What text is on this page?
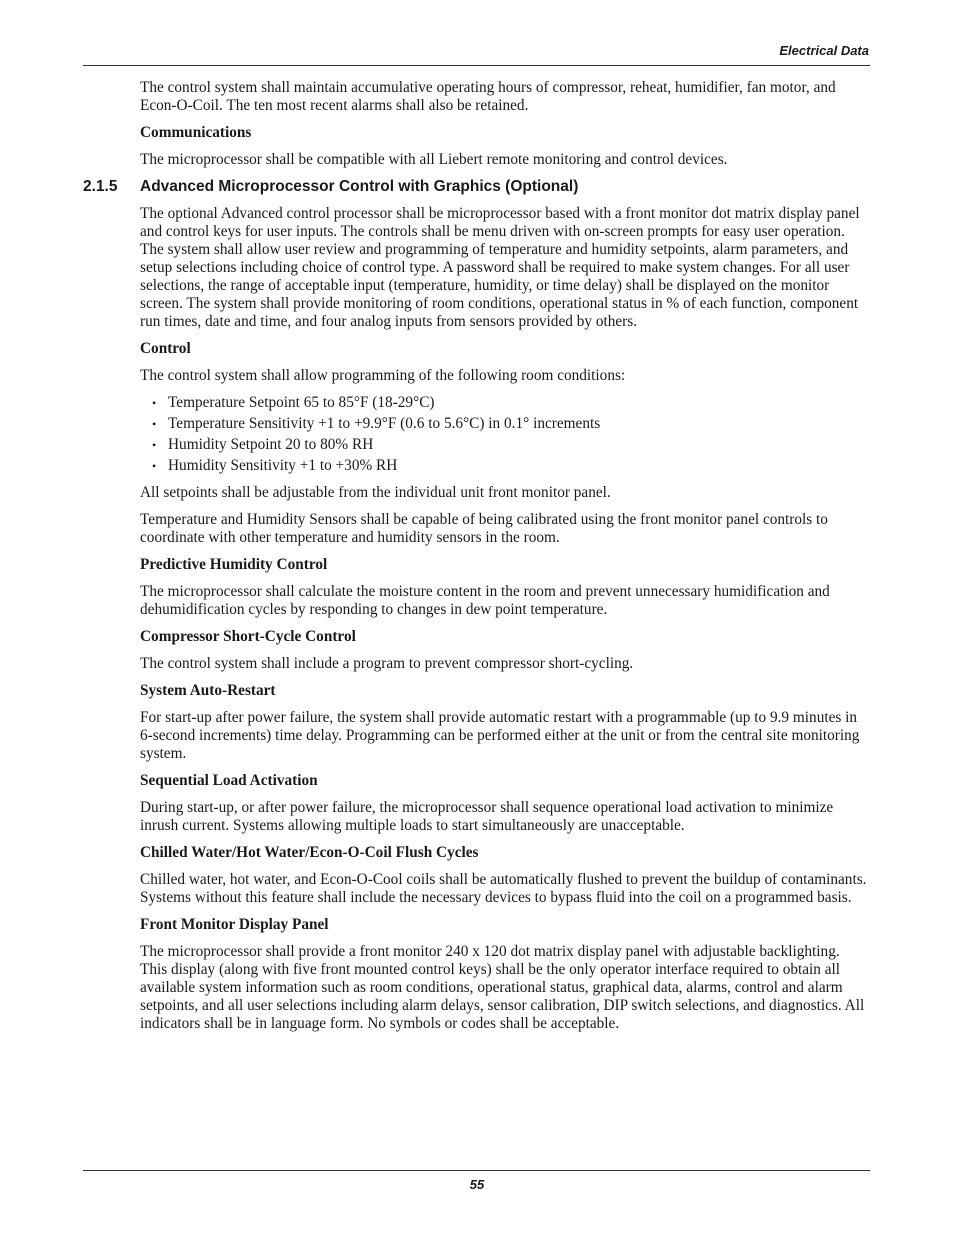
Electrical Data

The control system shall maintain accumulative operating hours of compressor, reheat, humidifier, fan motor, and Econ-O-Coil. The ten most recent alarms shall also be retained.

Communications

The microprocessor shall be compatible with all Liebert remote monitoring and control devices.

2.1.5 Advanced Microprocessor Control with Graphics (Optional)

The optional Advanced control processor shall be microprocessor based with a front monitor dot matrix display panel and control keys for user inputs. The controls shall be menu driven with on-screen prompts for easy user operation. The system shall allow user review and programming of temperature and humidity setpoints, alarm parameters, and setup selections including choice of control type. A password shall be required to make system changes. For all user selections, the range of acceptable input (temperature, humidity, or time delay) shall be displayed on the monitor screen. The system shall provide monitoring of room conditions, operational status in % of each function, component run times, date and time, and four analog inputs from sensors provided by others.

Control

The control system shall allow programming of the following room conditions:

• Temperature Setpoint 65 to 85°F (18-29°C)
• Temperature Sensitivity +1 to +9.9°F (0.6 to 5.6°C) in 0.1° increments
• Humidity Setpoint 20 to 80% RH
• Humidity Sensitivity +1 to +30% RH

All setpoints shall be adjustable from the individual unit front monitor panel.

Temperature and Humidity Sensors shall be capable of being calibrated using the front monitor panel controls to coordinate with other temperature and humidity sensors in the room.

Predictive Humidity Control

The microprocessor shall calculate the moisture content in the room and prevent unnecessary humidification and dehumidification cycles by responding to changes in dew point temperature.

Compressor Short-Cycle Control

The control system shall include a program to prevent compressor short-cycling.

System Auto-Restart

For start-up after power failure, the system shall provide automatic restart with a programmable (up to 9.9 minutes in 6-second increments) time delay. Programming can be performed either at the unit or from the central site monitoring system.

Sequential Load Activation

During start-up, or after power failure, the microprocessor shall sequence operational load activation to minimize inrush current. Systems allowing multiple loads to start simultaneously are unacceptable.

Chilled Water/Hot Water/Econ-O-Coil Flush Cycles

Chilled water, hot water, and Econ-O-Cool coils shall be automatically flushed to prevent the buildup of contaminants. Systems without this feature shall include the necessary devices to bypass fluid into the coil on a programmed basis.

Front Monitor Display Panel

The microprocessor shall provide a front monitor 240 x 120 dot matrix display panel with adjustable backlighting. This display (along with five front mounted control keys) shall be the only operator interface required to obtain all available system information such as room conditions, operational status, graphical data, alarms, control and alarm setpoints, and all user selections including alarm delays, sensor calibration, DIP switch selections, and diagnostics. All indicators shall be in language form. No symbols or codes shall be acceptable.

55
